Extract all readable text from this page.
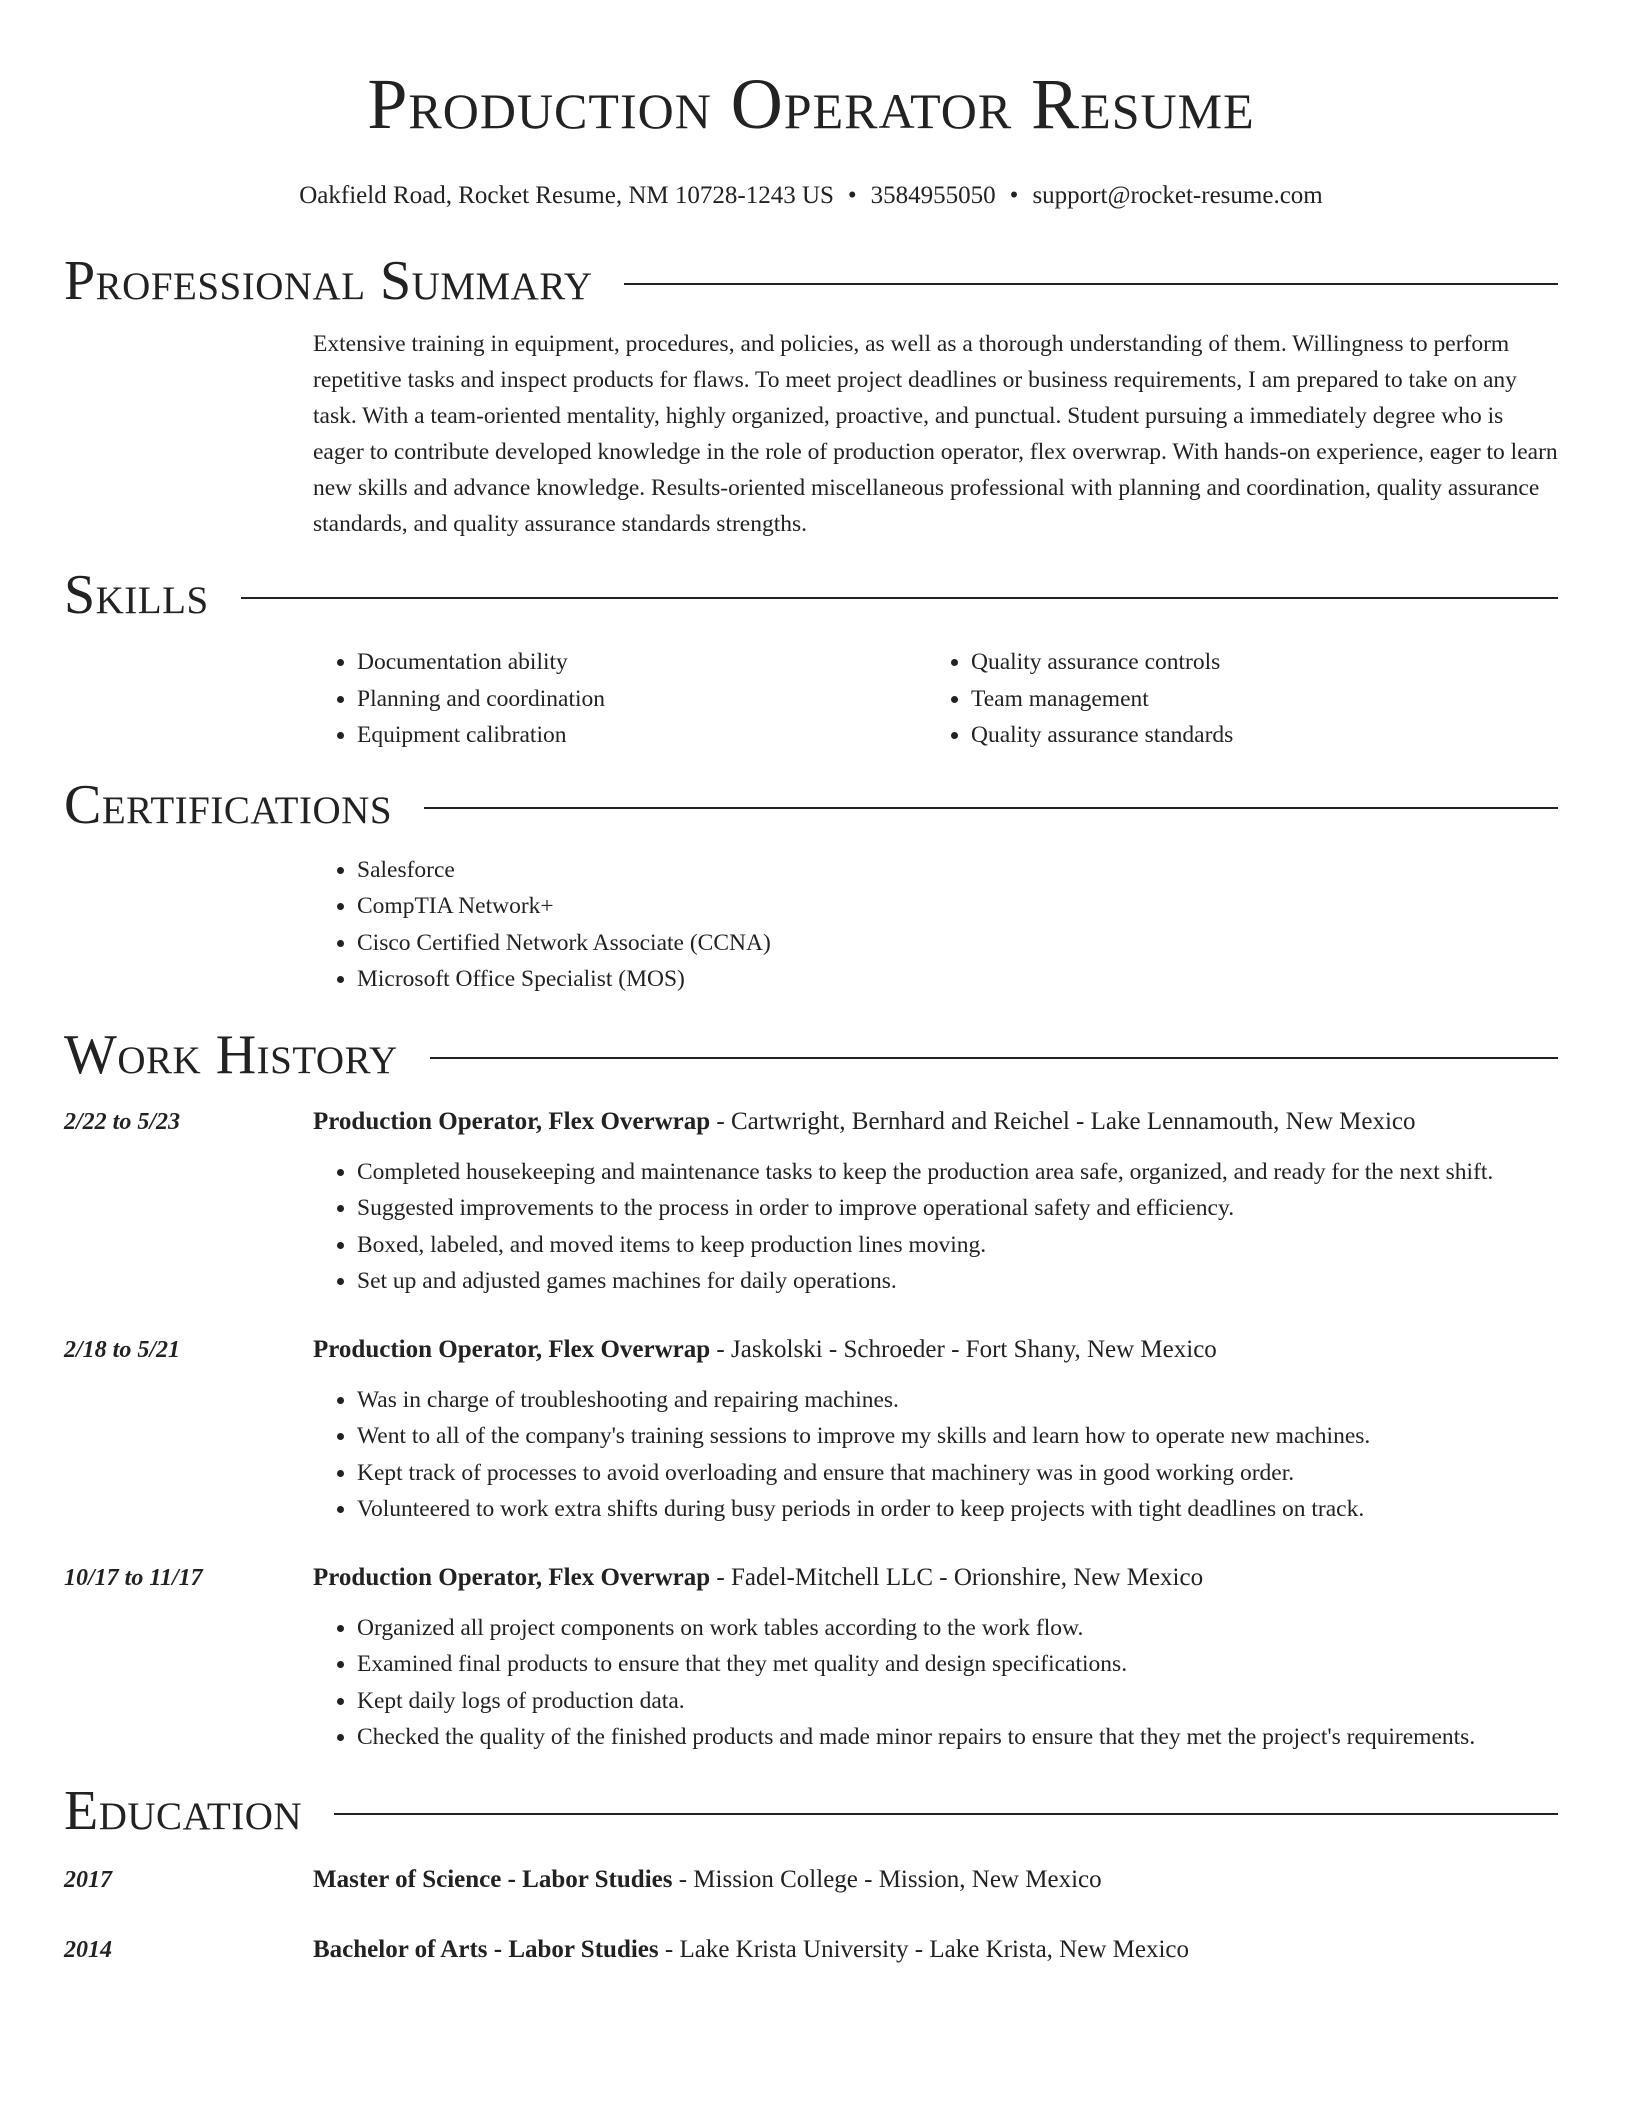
Production Operator Resume
Oakfield Road, Rocket Resume, NM 10728-1243 US • 3584955050 • support@rocket-resume.com
Professional Summary
Extensive training in equipment, procedures, and policies, as well as a thorough understanding of them. Willingness to perform repetitive tasks and inspect products for flaws. To meet project deadlines or business requirements, I am prepared to take on any task. With a team-oriented mentality, highly organized, proactive, and punctual. Student pursuing a immediately degree who is eager to contribute developed knowledge in the role of production operator, flex overwrap. With hands-on experience, eager to learn new skills and advance knowledge. Results-oriented miscellaneous professional with planning and coordination, quality assurance standards, and quality assurance standards strengths.
Skills
• Documentation ability
• Planning and coordination
• Equipment calibration
• Quality assurance controls
• Team management
• Quality assurance standards
Certifications
• Salesforce
• CompTIA Network+
• Cisco Certified Network Associate (CCNA)
• Microsoft Office Specialist (MOS)
Work History
2/22 to 5/23	Production Operator, Flex Overwrap - Cartwright, Bernhard and Reichel - Lake Lennamouth, New Mexico
• Completed housekeeping and maintenance tasks to keep the production area safe, organized, and ready for the next shift.
• Suggested improvements to the process in order to improve operational safety and efficiency.
• Boxed, labeled, and moved items to keep production lines moving.
• Set up and adjusted games machines for daily operations.
2/18 to 5/21	Production Operator, Flex Overwrap - Jaskolski - Schroeder - Fort Shany, New Mexico
• Was in charge of troubleshooting and repairing machines.
• Went to all of the company's training sessions to improve my skills and learn how to operate new machines.
• Kept track of processes to avoid overloading and ensure that machinery was in good working order.
• Volunteered to work extra shifts during busy periods in order to keep projects with tight deadlines on track.
10/17 to 11/17	Production Operator, Flex Overwrap - Fadel-Mitchell LLC - Orionshire, New Mexico
• Organized all project components on work tables according to the work flow.
• Examined final products to ensure that they met quality and design specifications.
• Kept daily logs of production data.
• Checked the quality of the finished products and made minor repairs to ensure that they met the project's requirements.
Education
2017	Master of Science - Labor Studies - Mission College - Mission, New Mexico
2014	Bachelor of Arts - Labor Studies - Lake Krista University - Lake Krista, New Mexico
